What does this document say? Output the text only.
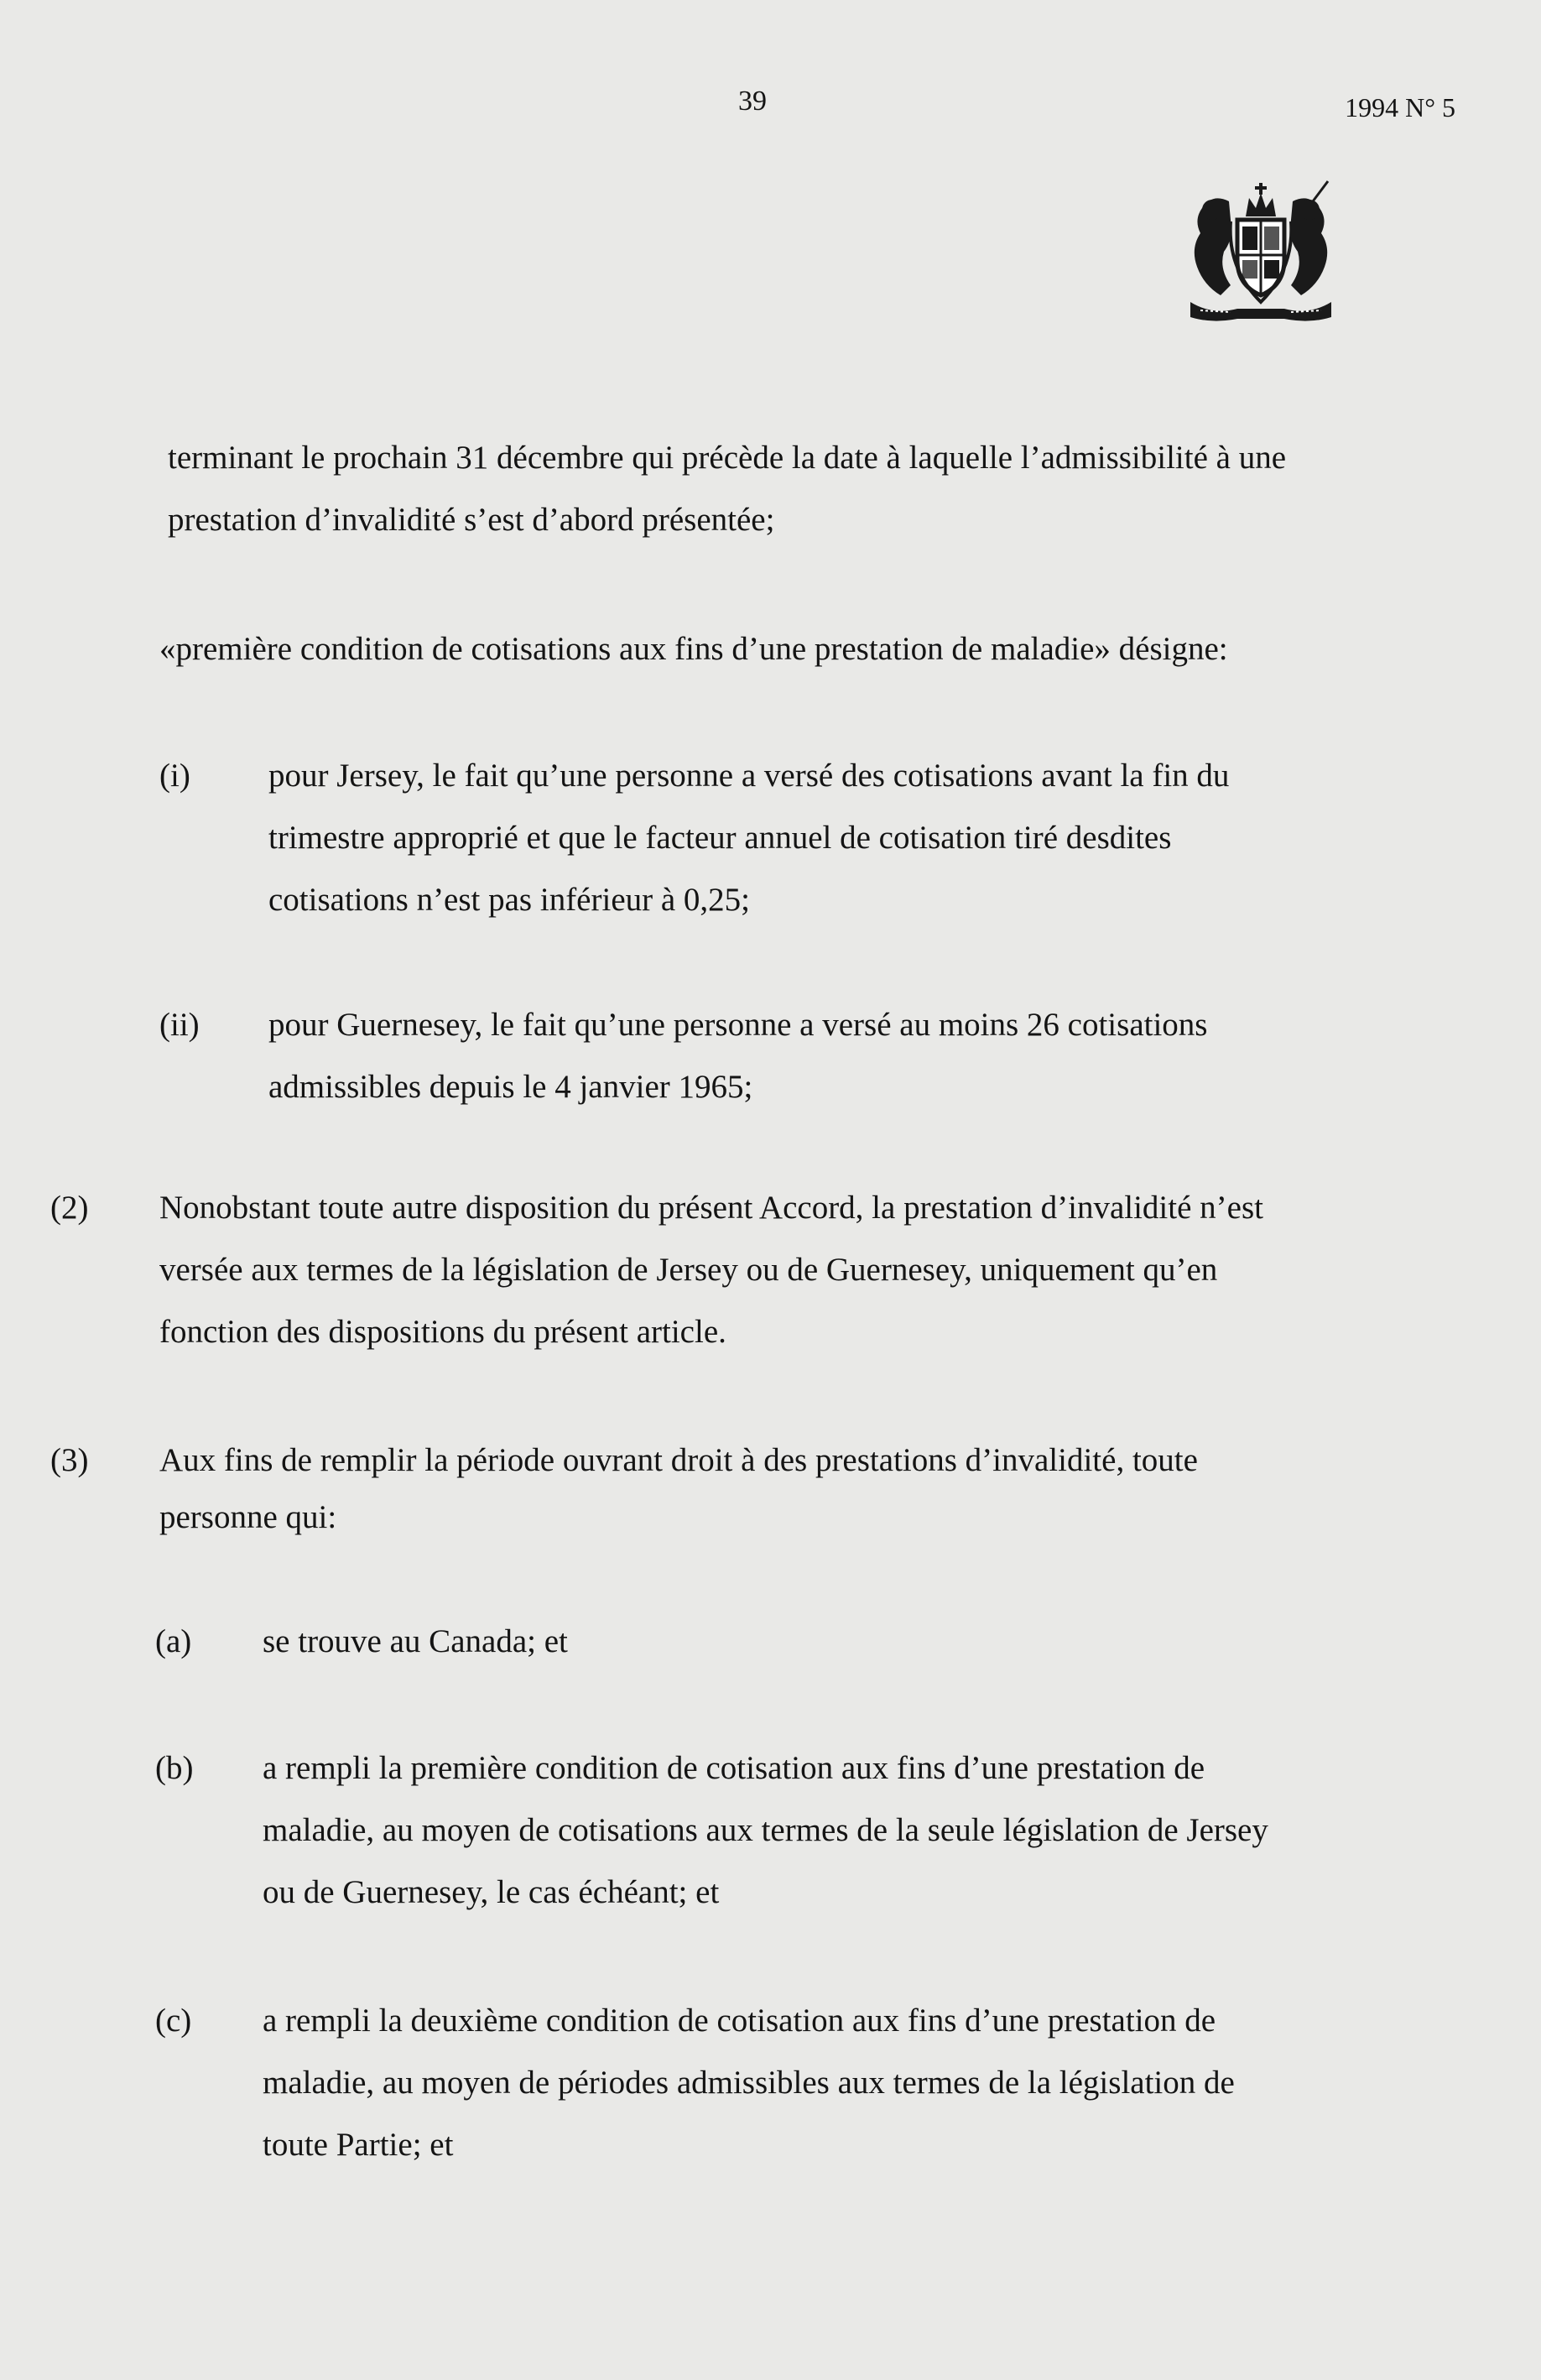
39	1994 N° 5
terminant le prochain 31 décembre qui précède la date à laquelle l’admissibilité à une
prestation d’invalidité s’est d’abord présentée;
«première condition de cotisations aux fins d’une prestation de maladie» désigne:
(i) pour Jersey, le fait qu’une personne a versé des cotisations avant la fin du
trimestre approprié et que le facteur annuel de cotisation tiré desdites
cotisations n’est pas inférieur à 0,25;
(ii) pour Guernesey, le fait qu’une personne a versé au moins 26 cotisations
admissibles depuis le 4 janvier 1965;
(2) Nonobstant toute autre disposition du présent Accord, la prestation d’invalidité n’est
versée aux termes de la législation de Jersey ou de Guernesey, uniquement qu’en
fonction des dispositions du présent article.
(3) Aux fins de remplir la période ouvrant droit à des prestations d’invalidité, toute
personne qui:
(a) se trouve au Canada; et
(b) a rempli la première condition de cotisation aux fins d’une prestation de
maladie, au moyen de cotisations aux termes de la seule législation de Jersey
ou de Guernesey, le cas échéant; et
(c) a rempli la deuxième condition de cotisation aux fins d’une prestation de
maladie, au moyen de périodes admissibles aux termes de la législation de
toute Partie; et
